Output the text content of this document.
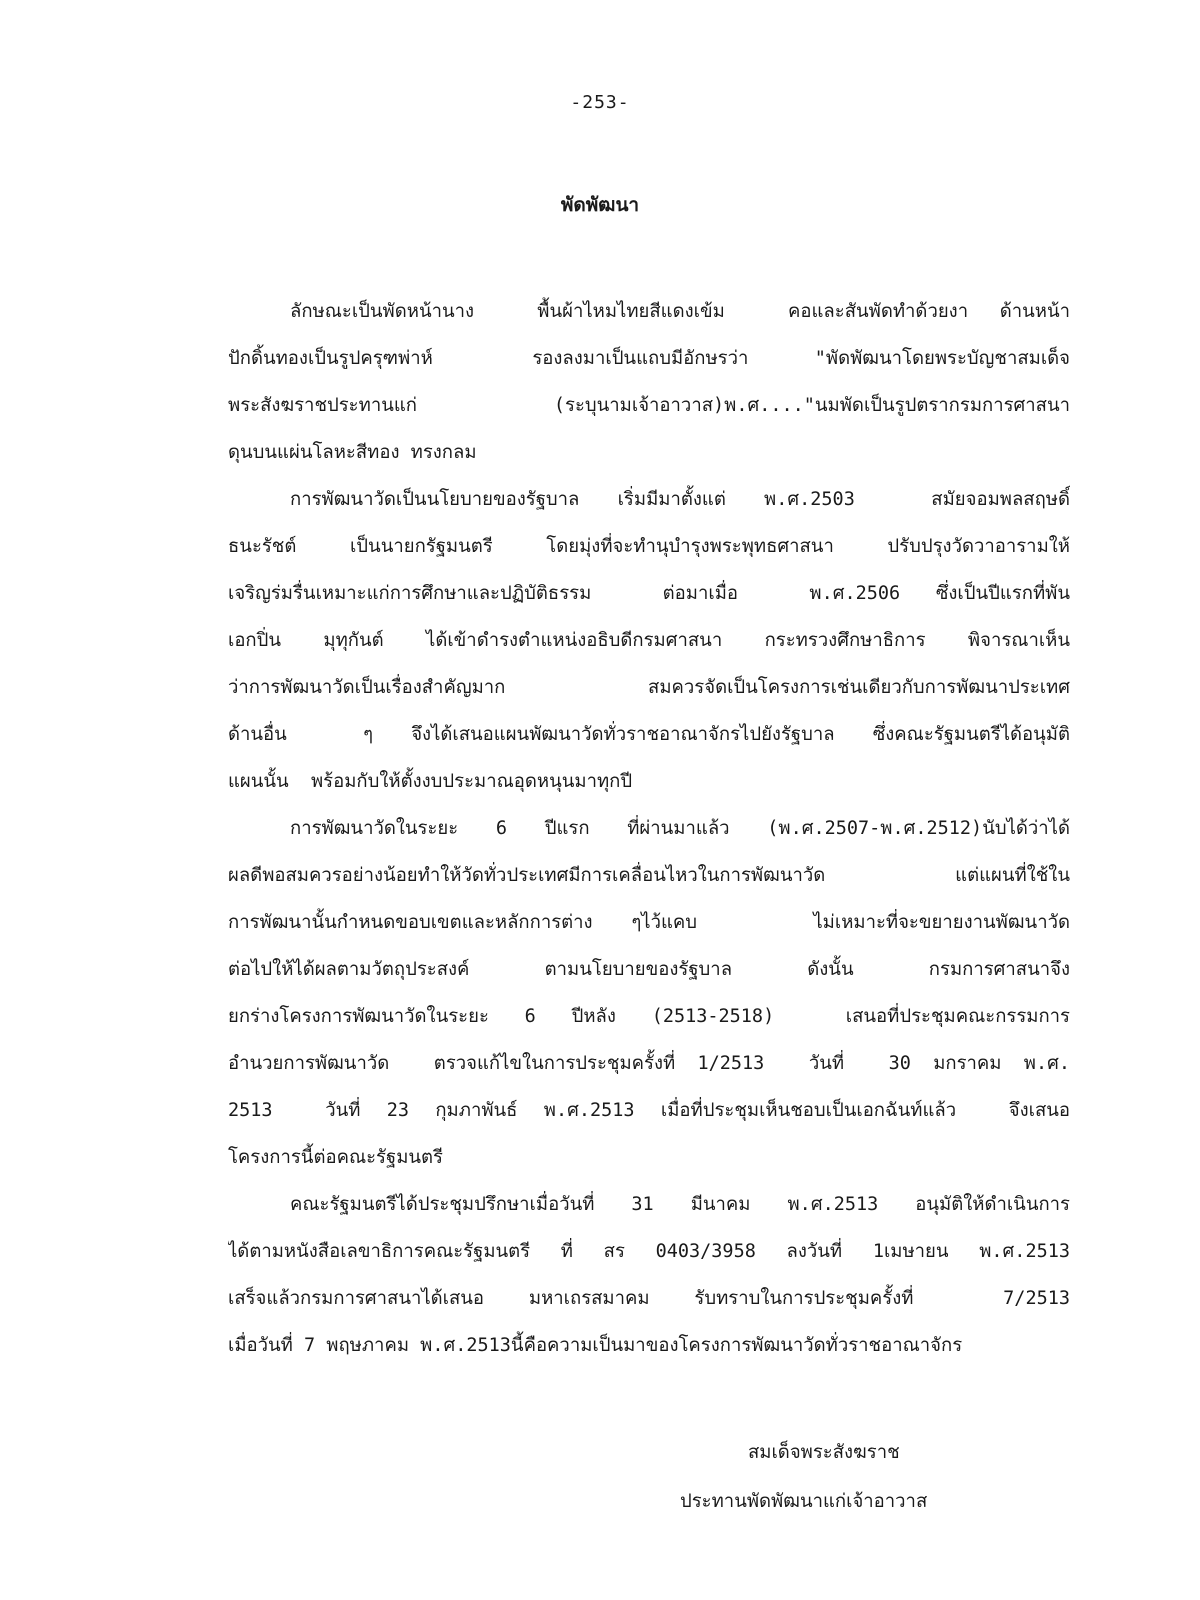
-253-
พัดพัฒนา
ลักษณะเป็นพัดหน้านาง  พื้นผ้าไหมไทยสีแดงเข้ม  คอและสันพัดทำด้วยงา ด้านหน้า
ปักดิ้นทองเป็นรูปครุฑพ่าห์   รองลงมาเป็นแถบมีอักษรว่า  "พัดพัฒนาโดยพระบัญชาสมเด็จ
พระสังฆราชประทานแก่ (ระบุนามเจ้าอาวาส)พ.ศ...."นมพัดเป็นรูปตรากรมการศาสนา
ดุนบนแผ่นโลหะสีทอง ทรงกลม
การพัฒนาวัดเป็นนโยบายของรัฐบาล เริ่มมีมาตั้งแต่ พ.ศ.2503  สมัยจอมพลสฤษดิ์
ธนะรัชต์ เป็นนายกรัฐมนตรี โดยมุ่งที่จะทำนุบำรุงพระพุทธศาสนา ปรับปรุงวัดวาอารามให้
เจริญร่มรื่นเหมาะแก่การศึกษาและปฏิบัติธรรม  ต่อมาเมื่อ  พ.ศ.2506 ซึ่งเป็นปีแรกที่พัน
เอกปิ่น มุทุกันต์ ได้เข้าดำรงตำแหน่งอธิบดีกรมศาสนา กระทรวงศึกษาธิการ พิจารณาเห็น
ว่าการพัฒนาวัดเป็นเรื่องสำคัญมาก สมควรจัดเป็นโครงการเช่นเดียวกับการพัฒนาประเทศ
ด้านอื่น  ๆ จึงได้เสนอแผนพัฒนาวัดทั่วราชอาณาจักรไปยังรัฐบาล ซึ่งคณะรัฐมนตรีได้อนุมัติ
แผนนั้น  พร้อมกับให้ตั้งงบประมาณอุดหนุนมาทุกปี
การพัฒนาวัดในระยะ 6 ปีแรก ที่ผ่านมาแล้ว (พ.ศ.2507-พ.ศ.2512)นับได้ว่าได้
ผลดีพอสมควรอย่างน้อยทำให้วัดทั่วประเทศมีการเคลื่อนไหวในการพัฒนาวัด แต่แผนที่ใช้ใน
การพัฒนานั้นกำหนดขอบเขตและหลักการต่าง ๆไว้แคบ   ไม่เหมาะที่จะขยายงานพัฒนาวัด
ต่อไปให้ได้ผลตามวัตถุประสงค์   ตามนโยบายของรัฐบาล   ดังนั้น   กรมการศาสนาจึง
ยกร่างโครงการพัฒนาวัดในระยะ 6 ปีหลัง (2513-2518)  เสนอที่ประชุมคณะกรรมการ
อำนวยการพัฒนาวัด  ตรวจแก้ไขในการประชุมครั้งที่ 1/2513  วันที่  30 มกราคม พ.ศ.
2513  วันที่ 23 กุมภาพันธ์ พ.ศ.2513 เมื่อที่ประชุมเห็นชอบเป็นเอกฉันท์แล้ว  จึงเสนอ
โครงการนี้ต่อคณะรัฐมนตรี
คณะรัฐมนตรีได้ประชุมปรึกษาเมื่อวันที่ 31 มีนาคม พ.ศ.2513 อนุมัติให้ดำเนินการ
ได้ตามหนังสือเลขาธิการคณะรัฐมนตรี ที่ สร 0403/3958 ลงวันที่ 1เมษายน พ.ศ.2513
เสร็จแล้วกรมการศาสนาได้เสนอ มหาเถรสมาคม รับทราบในการประชุมครั้งที่  7/2513
เมื่อวันที่ 7 พฤษภาคม พ.ศ.2513นี้คือความเป็นมาของโครงการพัฒนาวัดทั่วราชอาณาจักร
สมเด็จพระสังฆราช
ประทานพัดพัฒนาแก่เจ้าอาวาส
